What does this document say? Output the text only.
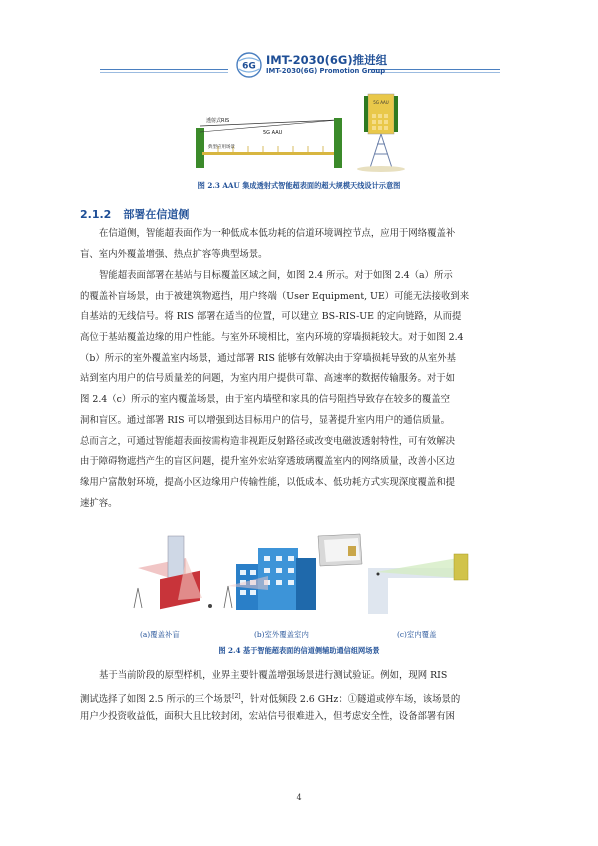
6G IMT-2030(6G)推进组
IMT-2030(6G) Promotion Group
透射式RIS
5G AAU
典型应用场景
5G AAU
图 2.3 AAU 集成透射式智能超表面的超大规模天线设计示意图
2.1.2 部署在信道侧
在信道侧，智能超表面作为一种低成本低功耗的信道环境调控节点，应用于网络覆盖补
盲、室内外覆盖增强、热点扩容等典型场景。
智能超表面部署在基站与目标覆盖区域之间，如图 2.4 所示。对于如图 2.4（a）所示
的覆盖补盲场景，由于被建筑物遮挡，用户终端（User Equipment, UE）可能无法接收到来
自基站的无线信号。将 RIS 部署在适当的位置，可以建立 BS-RIS-UE 的定向链路，从而提
高位于基站覆盖边缘的用户性能。与室外环境相比，室内环境的穿墙损耗较大。对于如图 2.4
（b）所示的室外覆盖室内场景，通过部署 RIS 能够有效解决由于穿墙损耗导致的从室外基
站到室内用户的信号质量差的问题，为室内用户提供可靠、高速率的数据传输服务。对于如
图 2.4（c）所示的室内覆盖场景，由于室内墙壁和家具的信号阻挡导致存在较多的覆盖空
洞和盲区。通过部署 RIS 可以增强到达目标用户的信号，显著提升室内用户的通信质量。
总而言之，可通过智能超表面按需构造非视距反射路径或改变电磁波透射特性，可有效解决
由于障碍物遮挡产生的盲区问题，提升室外宏站穿透玻璃覆盖室内的网络质量，改善小区边
缘用户富散射环境，提高小区边缘用户传输性能，以低成本、低功耗方式实现深度覆盖和提
速扩容。
(a)覆盖补盲	(b)室外覆盖室内	(c)室内覆盖
图 2.4 基于智能超表面的信道侧辅助通信组网场景
基于当前阶段的原型样机，业界主要针覆盖增强场景进行测试验证。例如，现网 RIS
测试选择了如图 2.5 所示的三个场景[2]，针对低频段 2.6 GHz：①隧道或停车场，该场景的
用户少投资收益低，面积大且比较封闭，宏站信号很难进入，但考虑安全性，设备部署有困
4
